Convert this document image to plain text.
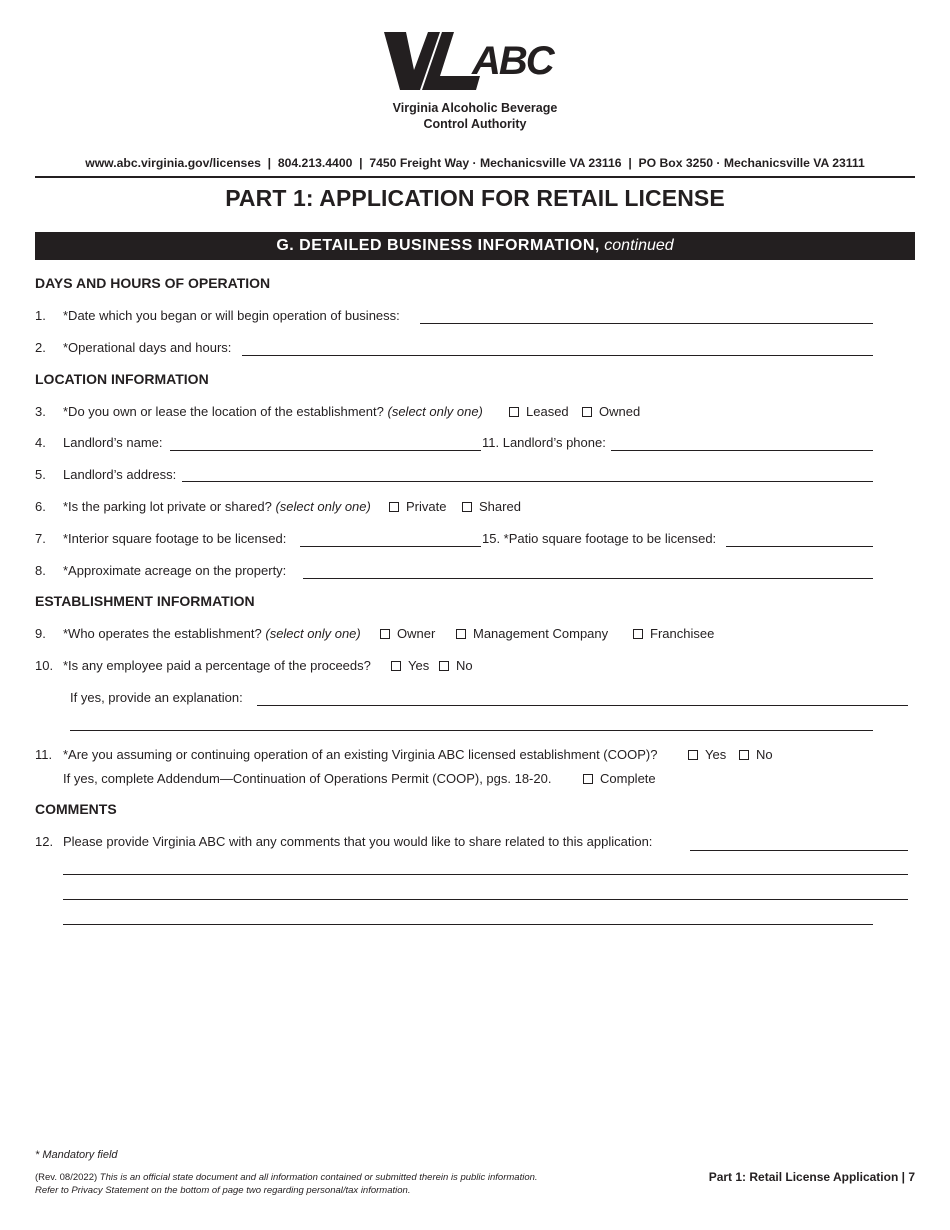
ABC
Virginia Alcoholic Beverage
Control Authority
www.abc.virginia.gov/licenses  |  804.213.4400  |  7450 Freight Way · Mechanicsville VA 23116  |  PO Box 3250 · Mechanicsville VA 23111
PART 1: APPLICATION FOR RETAIL LICENSE
G. DETAILED BUSINESS INFORMATION, continued
DAYS AND HOURS OF OPERATION
1. *Date which you began or will begin operation of business:
2. *Operational days and hours:
LOCATION INFORMATION
3. *Do you own or lease the location of the establishment? (select only one)	Leased Owned
4. Landlord’s name:	11. Landlord’s phone:
5. Landlord’s address:
6. *Is the parking lot private or shared? (select only one)	Private	Shared
7. *Interior square footage to be licensed:	15. *Patio square footage to be licensed:
8. *Approximate acreage on the property:
ESTABLISHMENT INFORMATION
9. *Who operates the establishment? (select only one)	Owner	Management Company	Franchisee
10. *Is any employee paid a percentage of the proceeds?	Yes No
If yes, provide an explanation:
11. *Are you assuming or continuing operation of an existing Virginia ABC licensed establishment (COOP)?	Yes No
If yes, complete Addendum—Continuation of Operations Permit (COOP), pgs. 18-20.	Complete
COMMENTS
12. Please provide Virginia ABC with any comments that you would like to share related to this application:
* Mandatory field
(Rev. 08/2022) This is an official state document and all information contained or submitted therein is public information.
Refer to Privacy Statement on the bottom of page two regarding personal/tax information.
Part 1: Retail License Application | 7
